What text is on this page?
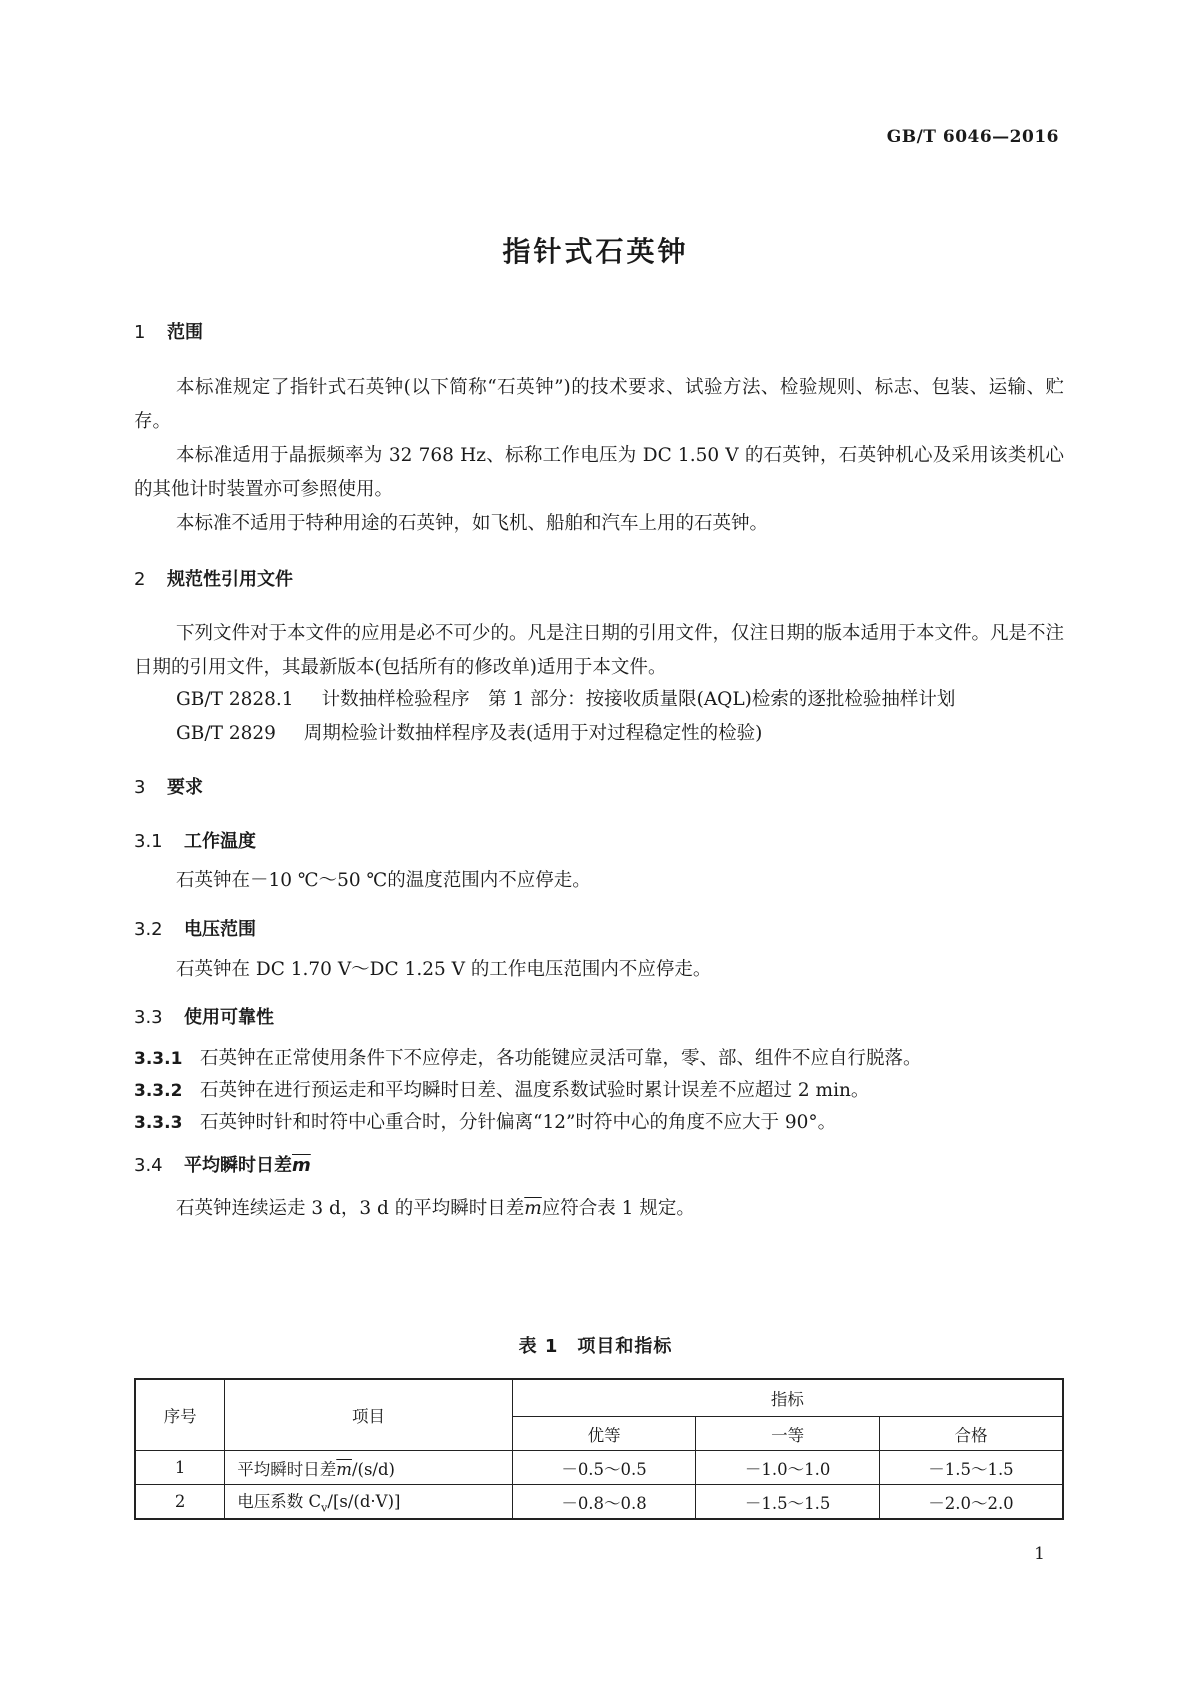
GB/T 6046—2016
指针式石英钟
1 范围
本标准规定了指针式石英钟(以下简称“石英钟”)的技术要求、试验方法、检验规则、标志、包装、运输、贮存。
本标准适用于晶振频率为 32 768 Hz、标称工作电压为 DC 1.50 V 的石英钟，石英钟机心及采用该类机心的其他计时装置亦可参照使用。
本标准不适用于特种用途的石英钟，如飞机、船舶和汽车上用的石英钟。
2 规范性引用文件
下列文件对于本文件的应用是必不可少的。凡是注日期的引用文件，仅注日期的版本适用于本文件。凡是不注日期的引用文件，其最新版本(包括所有的修改单)适用于本文件。
GB/T 2828.1 计数抽样检验程序　第 1 部分：按接收质量限(AQL)检索的逐批检验抽样计划
GB/T 2829 周期检验计数抽样程序及表(适用于对过程稳定性的检验)
3 要求
3.1 工作温度
石英钟在－10 ℃～50 ℃的温度范围内不应停走。
3.2 电压范围
石英钟在 DC 1.70 V～DC 1.25 V 的工作电压范围内不应停走。
3.3 使用可靠性
3.3.1 石英钟在正常使用条件下不应停走，各功能键应灵活可靠，零、部、组件不应自行脱落。
3.3.2 石英钟在进行预运走和平均瞬时日差、温度系数试验时累计误差不应超过 2 min。
3.3.3 石英钟时针和时符中心重合时，分针偏离“12”时符中心的角度不应大于 90°。
3.4 平均瞬时日差$\overline{m}$
石英钟连续运走 3 d，3 d 的平均瞬时日差$\overline{m}$应符合表 1 规定。
表 1　项目和指标
序号	项目	指标		
		优等	一等	合格
1	平均瞬时日差$\overline{m}/(s/d)$	－0.5～0.5	－1.0～1.0	－1.5～1.5
2	电压系数 $C_v/[s/(d\cdot V)]$	－0.8～0.8	－1.5～1.5	－2.0～2.0
1
